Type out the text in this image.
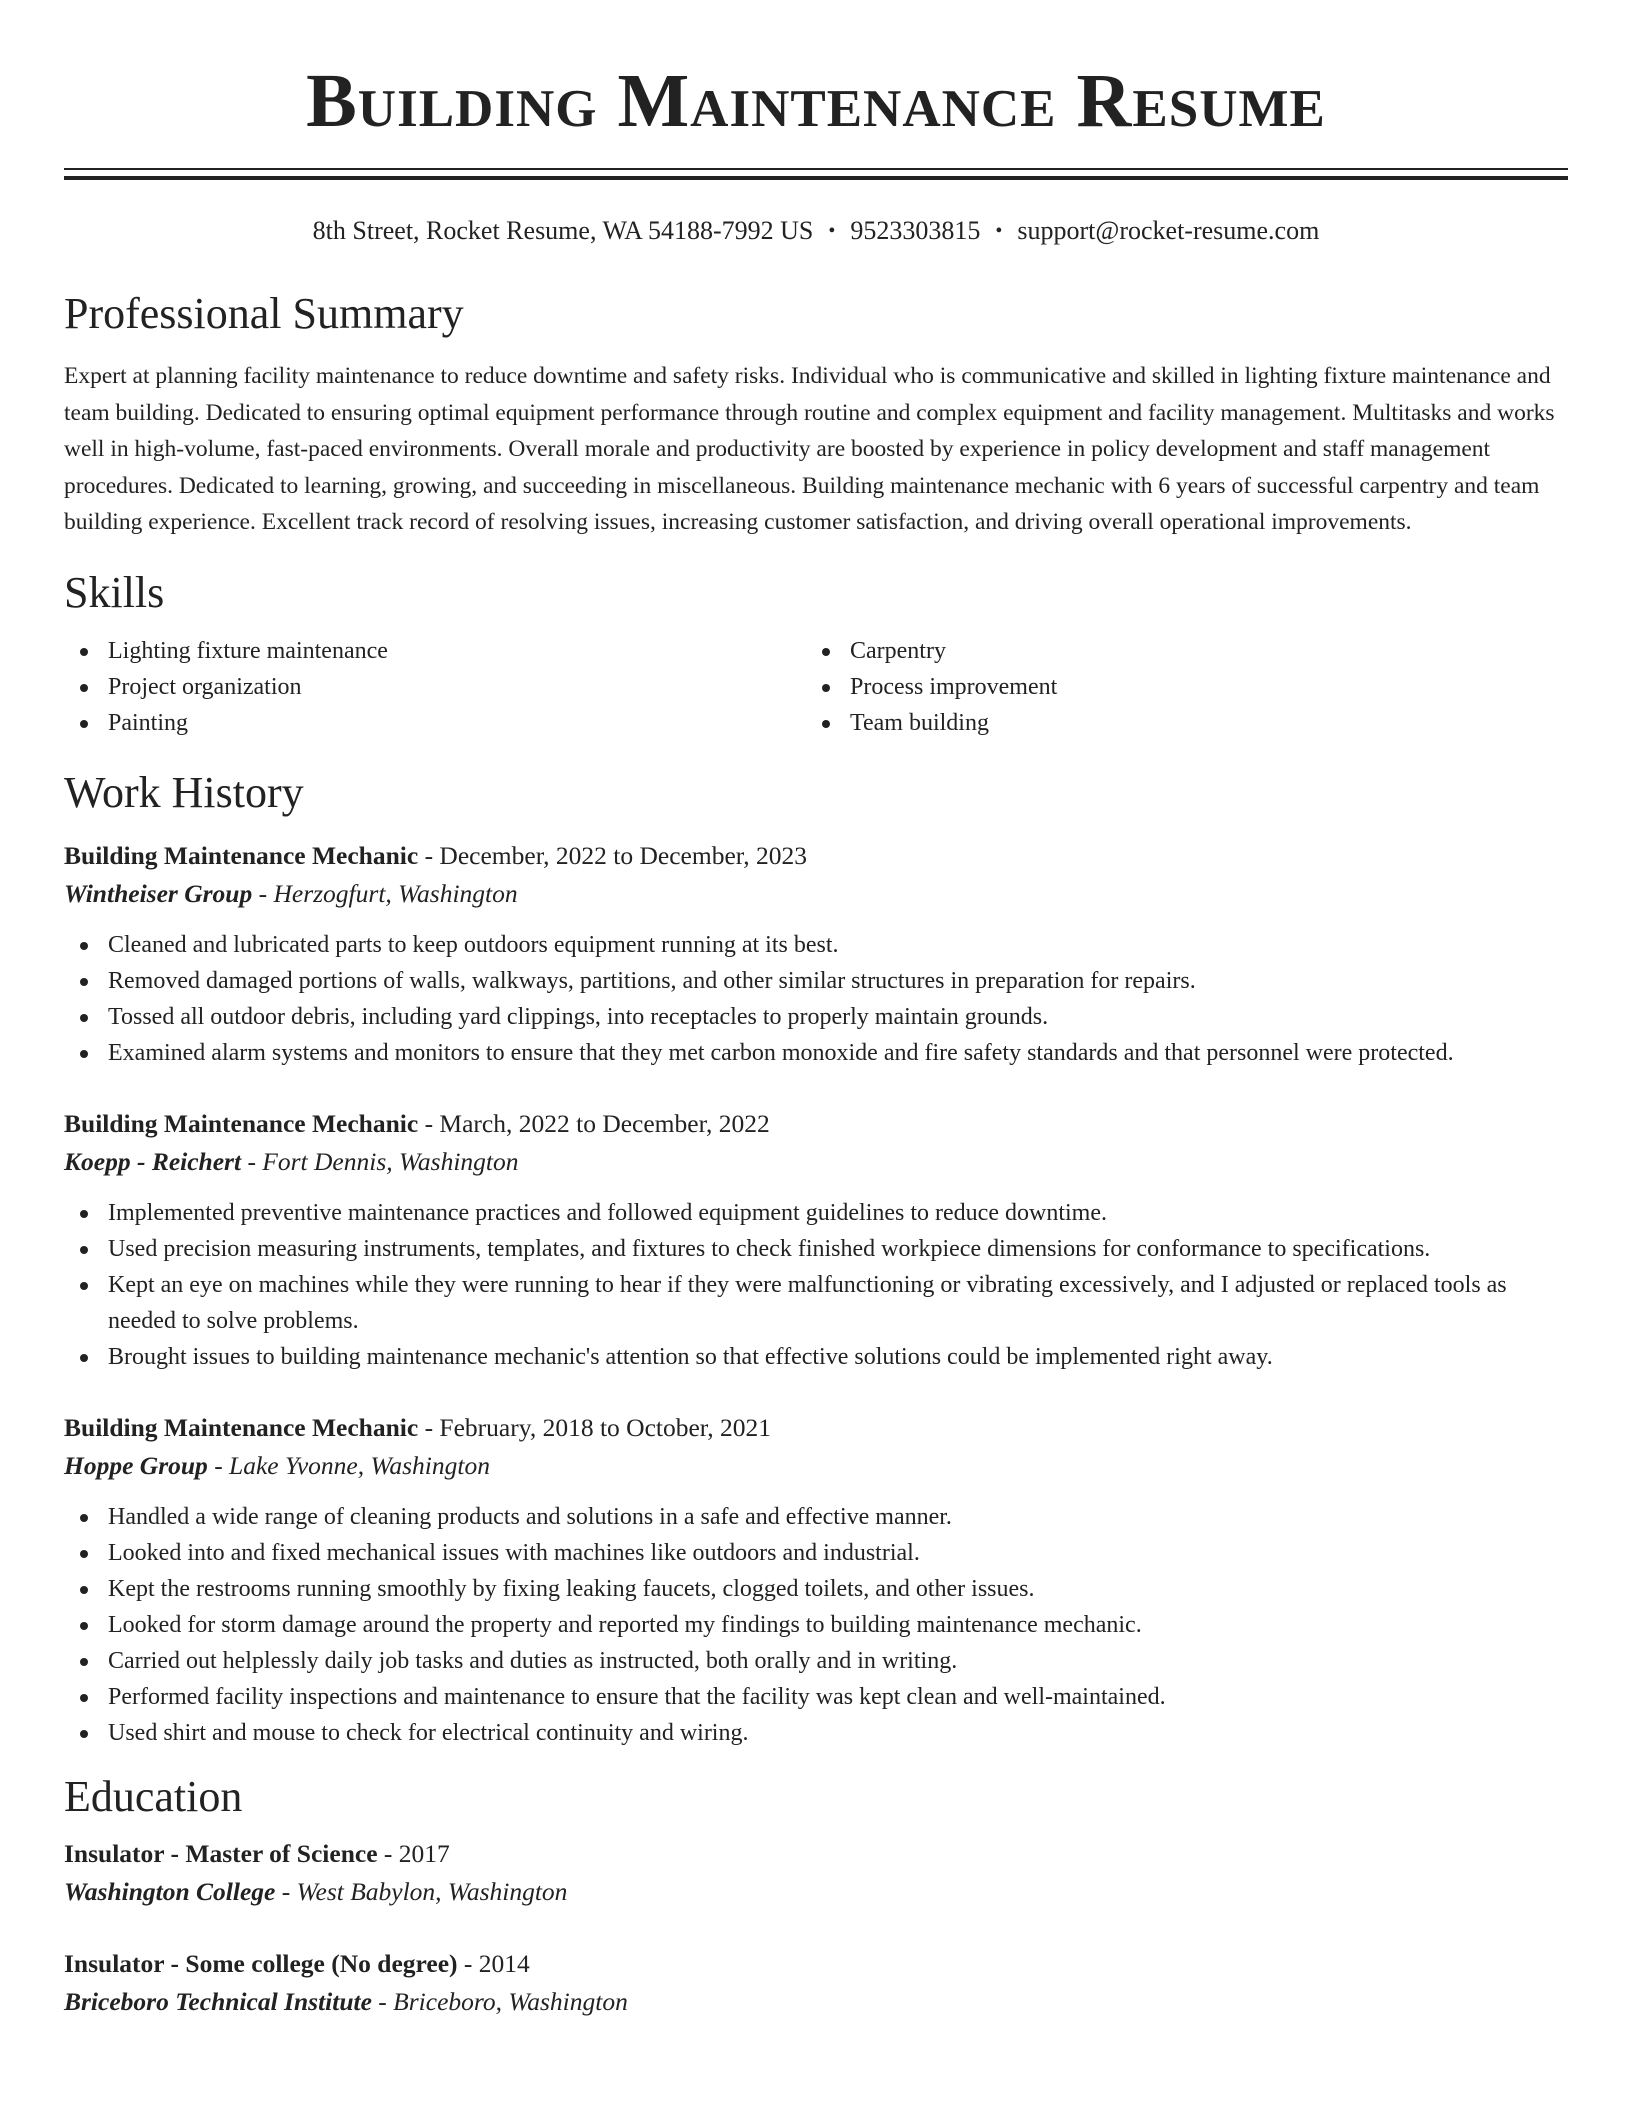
Building Maintenance Resume
8th Street, Rocket Resume, WA 54188-7992 US • 9523303815 • support@rocket-resume.com
Professional Summary
Expert at planning facility maintenance to reduce downtime and safety risks. Individual who is communicative and skilled in lighting fixture maintenance and team building. Dedicated to ensuring optimal equipment performance through routine and complex equipment and facility management. Multitasks and works well in high-volume, fast-paced environments. Overall morale and productivity are boosted by experience in policy development and staff management procedures. Dedicated to learning, growing, and succeeding in miscellaneous. Building maintenance mechanic with 6 years of successful carpentry and team building experience. Excellent track record of resolving issues, increasing customer satisfaction, and driving overall operational improvements.
Skills
Lighting fixture maintenance
Project organization
Painting
Carpentry
Process improvement
Team building
Work History
Building Maintenance Mechanic - December, 2022 to December, 2023
Wintheiser Group - Herzogfurt, Washington
Cleaned and lubricated parts to keep outdoors equipment running at its best.
Removed damaged portions of walls, walkways, partitions, and other similar structures in preparation for repairs.
Tossed all outdoor debris, including yard clippings, into receptacles to properly maintain grounds.
Examined alarm systems and monitors to ensure that they met carbon monoxide and fire safety standards and that personnel were protected.
Building Maintenance Mechanic - March, 2022 to December, 2022
Koepp - Reichert - Fort Dennis, Washington
Implemented preventive maintenance practices and followed equipment guidelines to reduce downtime.
Used precision measuring instruments, templates, and fixtures to check finished workpiece dimensions for conformance to specifications.
Kept an eye on machines while they were running to hear if they were malfunctioning or vibrating excessively, and I adjusted or replaced tools as needed to solve problems.
Brought issues to building maintenance mechanic's attention so that effective solutions could be implemented right away.
Building Maintenance Mechanic - February, 2018 to October, 2021
Hoppe Group - Lake Yvonne, Washington
Handled a wide range of cleaning products and solutions in a safe and effective manner.
Looked into and fixed mechanical issues with machines like outdoors and industrial.
Kept the restrooms running smoothly by fixing leaking faucets, clogged toilets, and other issues.
Looked for storm damage around the property and reported my findings to building maintenance mechanic.
Carried out helplessly daily job tasks and duties as instructed, both orally and in writing.
Performed facility inspections and maintenance to ensure that the facility was kept clean and well-maintained.
Used shirt and mouse to check for electrical continuity and wiring.
Education
Insulator - Master of Science - 2017
Washington College - West Babylon, Washington
Insulator - Some college (No degree) - 2014
Briceboro Technical Institute - Briceboro, Washington
